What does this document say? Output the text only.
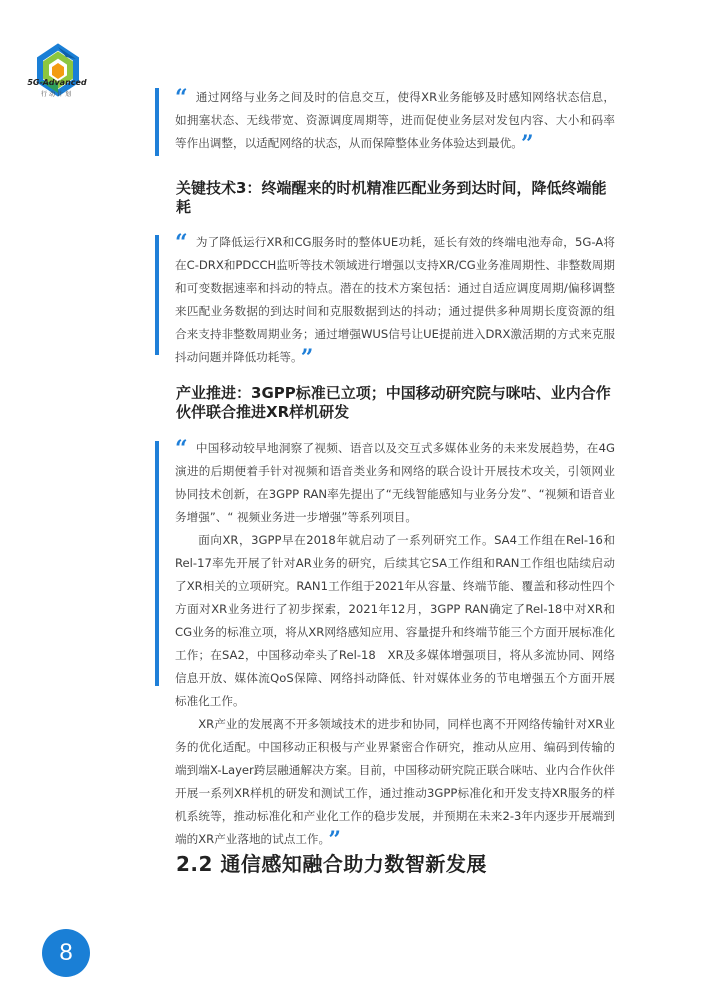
5G-Advanced
行动计划	“ 通过网络与业务之间及时的信息交互，使得XR业务能够及时感知网络状态信息，如拥塞状态、无线带宽、资源调度周期等，进而促使业务层对发包内容、大小和码率等作出调整，以适配网络的状态，从而保障整体业务体验达到最优。 ”

关键技术3：终端醒来的时机精准匹配业务到达时间，降低终端能耗

“ 为了降低运行XR和CG服务时的整体UE功耗，延长有效的终端电池寿命，5G-A将在C-DRX和PDCCH监听等技术领域进行增强以支持XR/CG业务准周期性、非整数周期和可变数据速率和抖动的特点。潜在的技术方案包括：通过自适应调度周期/偏移调整来匹配业务数据的到达时间和克服数据到达的抖动；通过提供多种周期长度资源的组合来支持非整数周期业务；通过增强WUS信号让UE提前进入DRX激活期的方式来克服抖动问题并降低功耗等。 ”

产业推进：3GPP标准已立项；中国移动研究院与咪咕、业内合作伙伴联合推进XR样机研发

“ 中国移动较早地洞察了视频、语音以及交互式多媒体业务的未来发展趋势，在4G演进的后期便着手针对视频和语音类业务和网络的联合设计开展技术攻关，引领网业协同技术创新，在3GPP RAN率先提出了“无线智能感知与业务分发”、“视频和语音业务增强”、“ 视频业务进一步增强”等系列项目。

面向XR，3GPP早在2018年就启动了一系列研究工作。SA4工作组在Rel-16和Rel-17率先开展了针对AR业务的研究，后续其它SA工作组和RAN工作组也陆续启动了XR相关的立项研究。RAN1工作组于2021年从容量、终端节能、覆盖和移动性四个方面对XR业务进行了初步探索，2021年12月，3GPP RAN确定了Rel-18中对XR和CG业务的标准立项，将从XR网络感知应用、容量提升和终端节能三个方面开展标准化工作；在SA2，中国移动牵头了Rel-18　XR及多媒体增强项目，将从多流协同、网络信息开放、媒体流QoS保障、网络抖动降低、针对媒体业务的节电增强五个方面开展标准化工作。

XR产业的发展离不开多领域技术的进步和协同，同样也离不开网络传输针对XR业务的优化适配。中国移动正积极与产业界紧密合作研究，推动从应用、编码到传输的端到端X-Layer跨层融通解决方案。目前，中国移动研究院正联合咪咕、业内合作伙伴开展一系列XR样机的研发和测试工作，通过推动3GPP标准化和开发支持XR服务的样机系统等，推动标准化和产业化工作的稳步发展，并预期在未来2-3年内逐步开展端到端的XR产业落地的试点工作。 ”

2.2 通信感知融合助力数智新发展
8
